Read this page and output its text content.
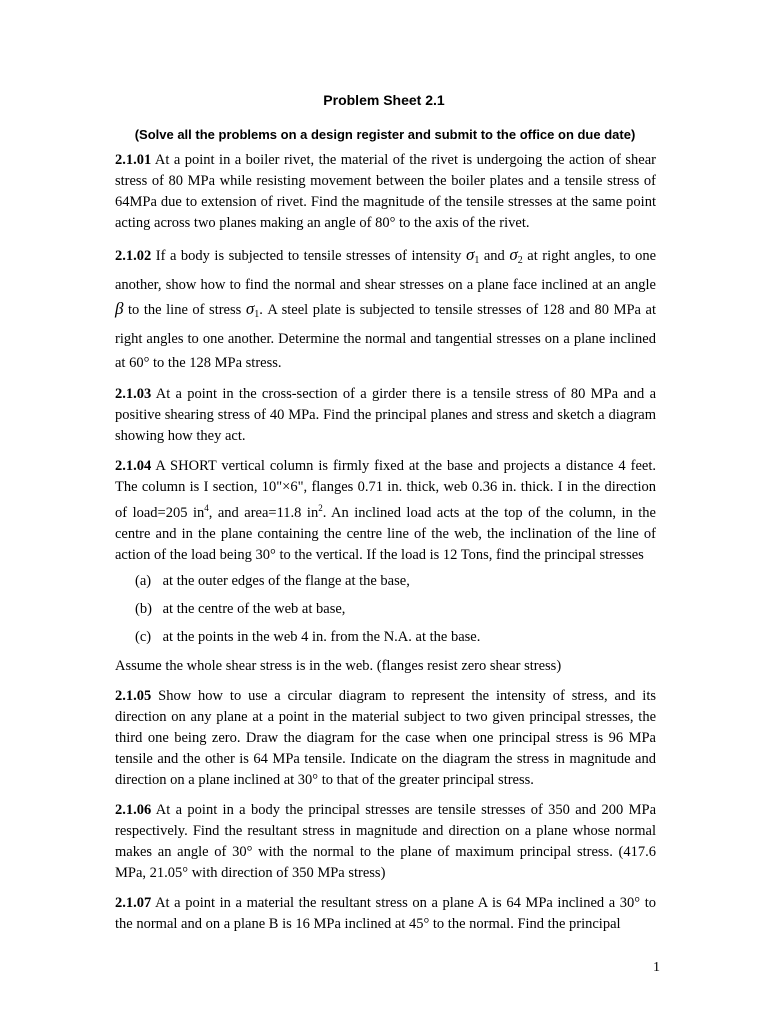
Problem Sheet 2.1
(Solve all the problems on a design register and submit to the office on due date)

2.1.01 At a point in a boiler rivet, the material of the rivet is undergoing the action of shear stress of 80 MPa while resisting movement between the boiler plates and a tensile stress of 64MPa due to extension of rivet. Find the magnitude of the tensile stresses at the same point acting across two planes making an angle of 80° to the axis of the rivet.

2.1.02 If a body is subjected to tensile stresses of intensity $\sigma_1$ and $\sigma_2$ at right angles, to one another, show how to find the normal and shear stresses on a plane face inclined at an angle β to the line of stress $\sigma_1$. A steel plate is subjected to tensile stresses of 128 and 80 MPa at right angles to one another. Determine the normal and tangential stresses on a plane inclined at 60° to the 128 MPa stress.

2.1.03 At a point in the cross-section of a girder there is a tensile stress of 80 MPa and a positive shearing stress of 40 MPa. Find the principal planes and stress and sketch a diagram showing how they act.

2.1.04 A SHORT vertical column is firmly fixed at the base and projects a distance 4 feet. The column is I section, 10"×6", flanges 0.71 in. thick, web 0.36 in. thick. I in the direction of load=205 $in^4$, and area=11.8 $in^2$. An inclined load acts at the top of the column, in the centre and in the plane containing the centre line of the web, the inclination of the line of action of the load being 30° to the vertical. If the load is 12 Tons, find the principal stresses

(a) at the outer edges of the flange at the base,
(b) at the centre of the web at base,
(c) at the points in the web 4 in. from the N.A. at the base.

Assume the whole shear stress is in the web. (flanges resist zero shear stress)

2.1.05 Show how to use a circular diagram to represent the intensity of stress, and its direction on any plane at a point in the material subject to two given principal stresses, the third one being zero. Draw the diagram for the case when one principal stress is 96 MPa tensile and the other is 64 MPa tensile. Indicate on the diagram the stress in magnitude and direction on a plane inclined at 30° to that of the greater principal stress.

2.1.06 At a point in a body the principal stresses are tensile stresses of 350 and 200 MPa respectively. Find the resultant stress in magnitude and direction on a plane whose normal makes an angle of 30° with the normal to the plane of maximum principal stress. (417.6 MPa, 21.05° with direction of 350 MPa stress)

2.1.07 At a point in a material the resultant stress on a plane A is 64 MPa inclined a 30° to the normal and on a plane B is 16 MPa inclined at 45° to the normal. Find the principal

1
